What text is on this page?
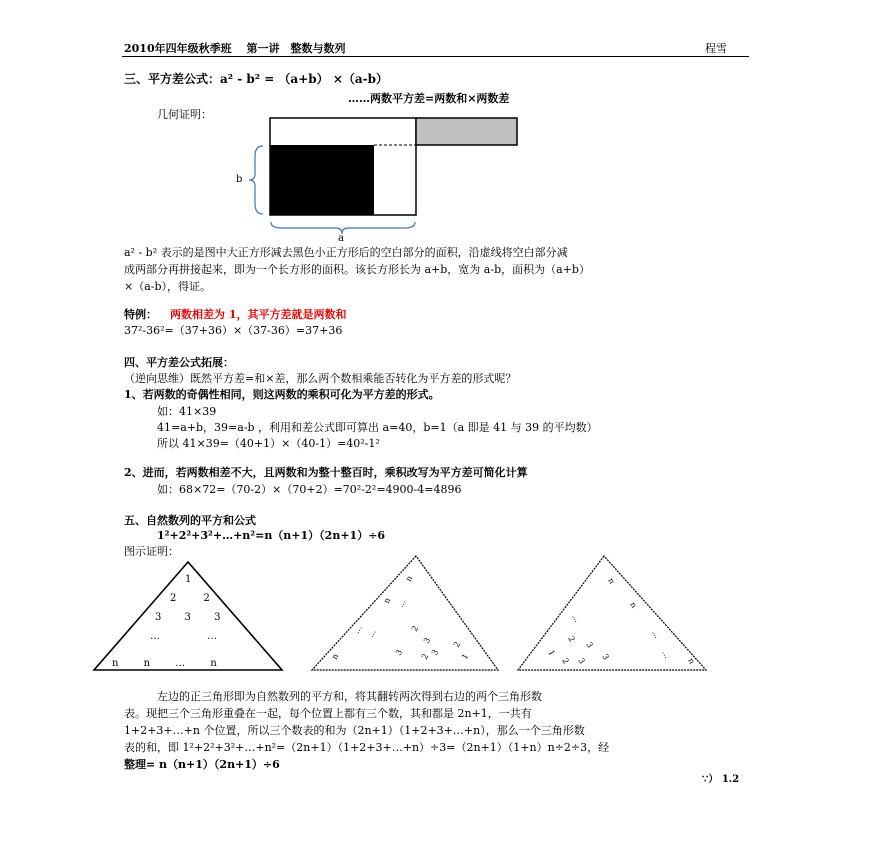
2010年四年级秋季班　 第一讲　整数与数列	程雪
三、平方差公式：a² - b² = （a+b） ×（a-b）
……两数平方差=两数和×两数差
几何证明：
b
a
a² - b² 表示的是图中大正方形减去黑色小正方形后的空白部分的面积，沿虚线将空白部分减
成两部分再拼接起来，即为一个长方形的面积。该长方形长为 a+b，宽为 a-b，面积为（a+b）
×（a-b），得证。
特例： 两数相差为 1，其平方差就是两数和
37²-36²=（37+36）×（37-36）=37+36
四、平方差公式拓展：
（逆向思维）既然平方差=和×差，那么两个数相乘能否转化为平方差的形式呢？
1、若两数的奇偶性相同，则这两数的乘积可化为平方差的形式。
如：41×39
41=a+b，39=a-b ，利用和差公式即可算出 a=40，b=1（a 即是 41 与 39 的平均数）
所以 41×39=（40+1）×（40-1）=40²-1²
2、进而，若两数相差不大，且两数和为整十整百时，乘积改写为平方差可简化计算
如：68×72=（70-2）×（70+2）=70²-2²=4900-4=4896
五、自然数列的平方和公式
1²+2²+3²+…+n²=n（n+1）（2n+1）÷6
图示证明：
1
2 2
3 3 3
… …
n n … n
n
n …
… …	2
3
n	3	3
2
1
2
n
n
…
…
2
3
1
2 3 3	…
n
左边的正三角形即为自然数列的平方和，将其翻转两次得到右边的两个三角形数
表。现把三个三角形重叠在一起，每个位置上都有三个数，其和都是 2n+1，一共有
1+2+3+…+n 个位置，所以三个数表的和为（2n+1）（1+2+3+…+n），那么一个三角形数
表的和，即 1²+2²+3²+…+n²=（2n+1）（1+2+3+…+n）÷3=（2n+1）（1+n）n÷2÷3，经
整理= n（n+1）（2n+1）÷6
∵） 1.2
